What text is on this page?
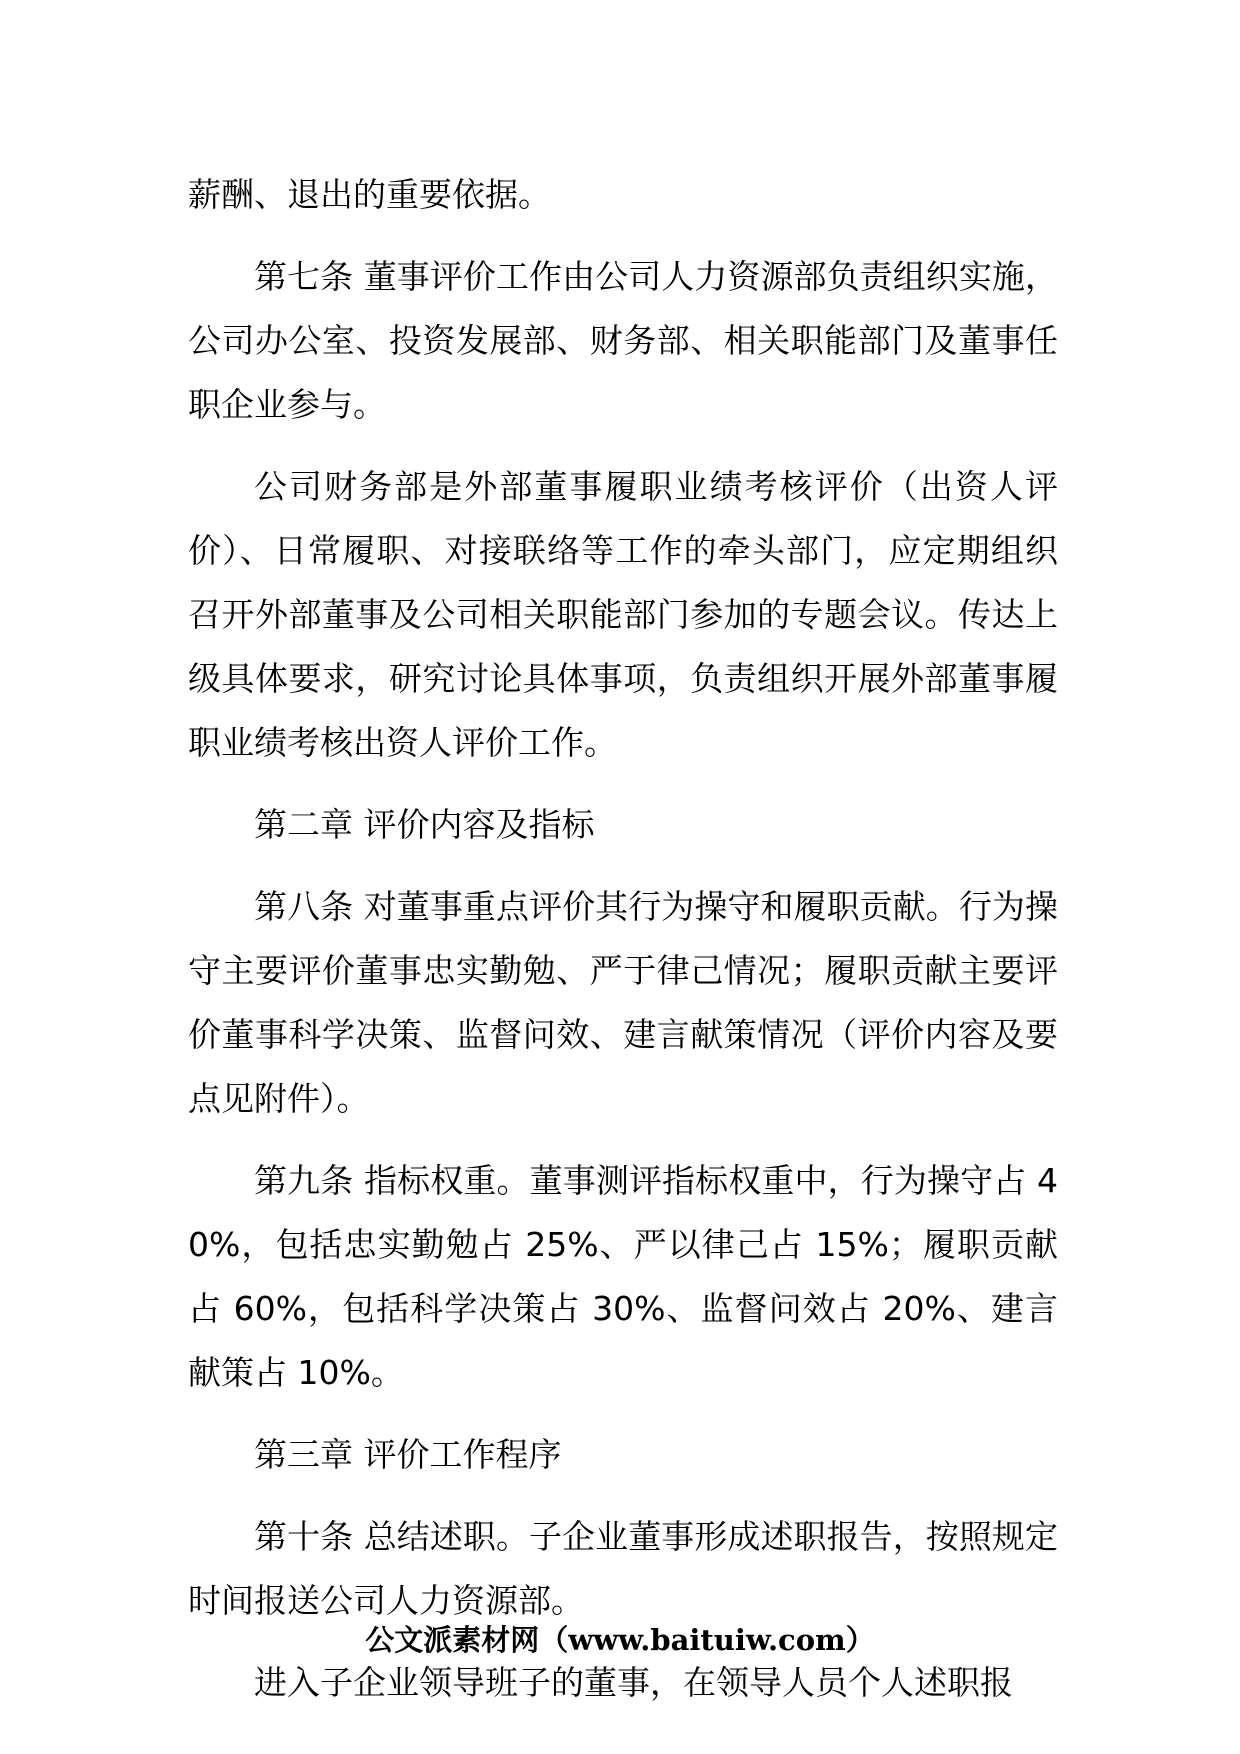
薪酬、退出的重要依据。

第七条 董事评价工作由公司人力资源部负责组织实施，公司办公室、投资发展部、财务部、相关职能部门及董事任职企业参与。

公司财务部是外部董事履职业绩考核评价（出资人评价）、日常履职、对接联络等工作的牵头部门，应定期组织召开外部董事及公司相关职能部门参加的专题会议。传达上级具体要求，研究讨论具体事项，负责组织开展外部董事履职业绩考核出资人评价工作。

第二章 评价内容及指标

第八条 对董事重点评价其行为操守和履职贡献。行为操守主要评价董事忠实勤勉、严于律己情况；履职贡献主要评价董事科学决策、监督问效、建言献策情况（评价内容及要点见附件）。

第九条 指标权重。董事测评指标权重中，行为操守占 40%，包括忠实勤勉占 25%、严以律己占 15%；履职贡献占 60%，包括科学决策占 30%、监督问效占 20%、建言献策占 10%。

第三章 评价工作程序

第十条 总结述职。子企业董事形成述职报告，按照规定时间报送公司人力资源部。

进入子企业领导班子的董事，在领导人员个人述职报

公文派素材网（www.baituiw.com）
